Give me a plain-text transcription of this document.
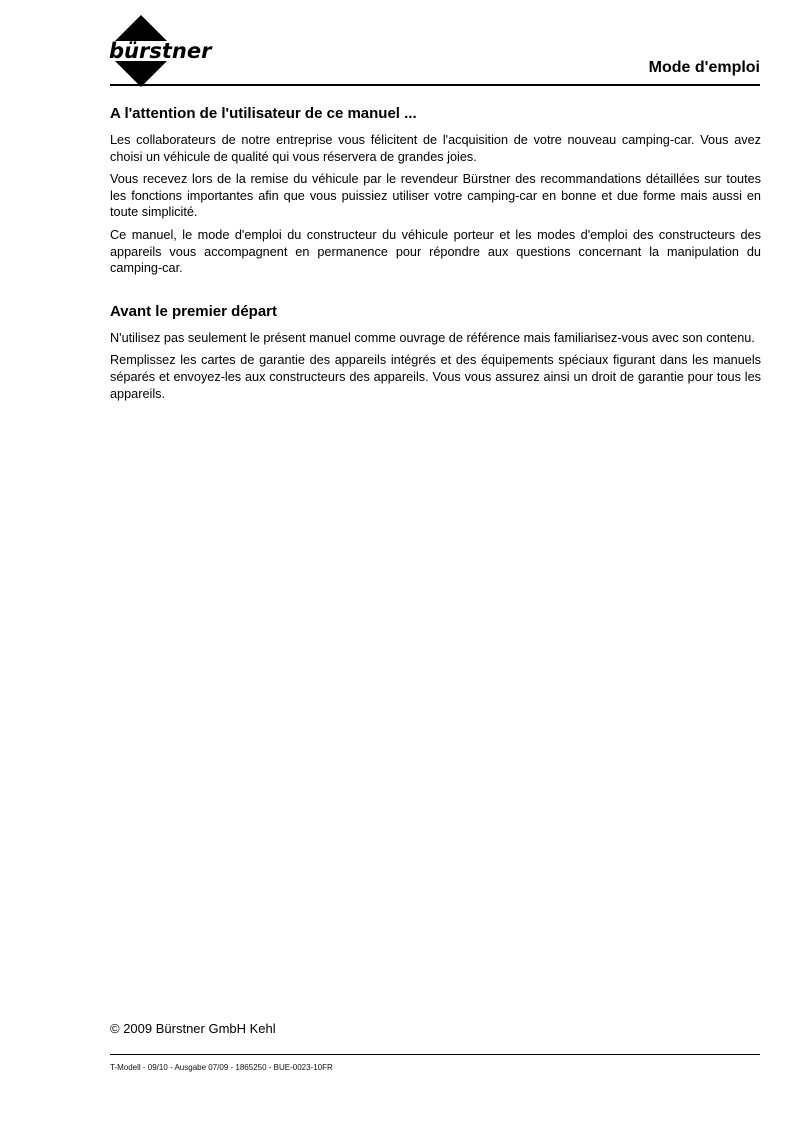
bürstner
Mode d'emploi
A l'attention de l'utilisateur de ce manuel ...

Les collaborateurs de notre entreprise vous félicitent de l'acquisition de votre nouveau camping-car. Vous avez choisi un véhicule de qualité qui vous réservera de grandes joies.

Vous recevez lors de la remise du véhicule par le revendeur Bürstner des recommandations détaillées sur toutes les fonctions importantes afin que vous puissiez utiliser votre camping-car en bonne et due forme mais aussi en toute simplicité.

Ce manuel, le mode d'emploi du constructeur du véhicule porteur et les modes d'emploi des constructeurs des appareils vous accompagnent en permanence pour répondre aux questions concernant la manipulation du camping-car.

Avant le premier départ

N'utilisez pas seulement le présent manuel comme ouvrage de référence mais familiarisez-vous avec son contenu.

Remplissez les cartes de garantie des appareils intégrés et des équipements spéciaux figurant dans les manuels séparés et envoyez-les aux constructeurs des appareils. Vous vous assurez ainsi un droit de garantie pour tous les appareils.

© 2009 Bürstner GmbH Kehl
T-Modell - 09/10 - Ausgabe 07/09 - 1865250 - BUE-0023-10FR
